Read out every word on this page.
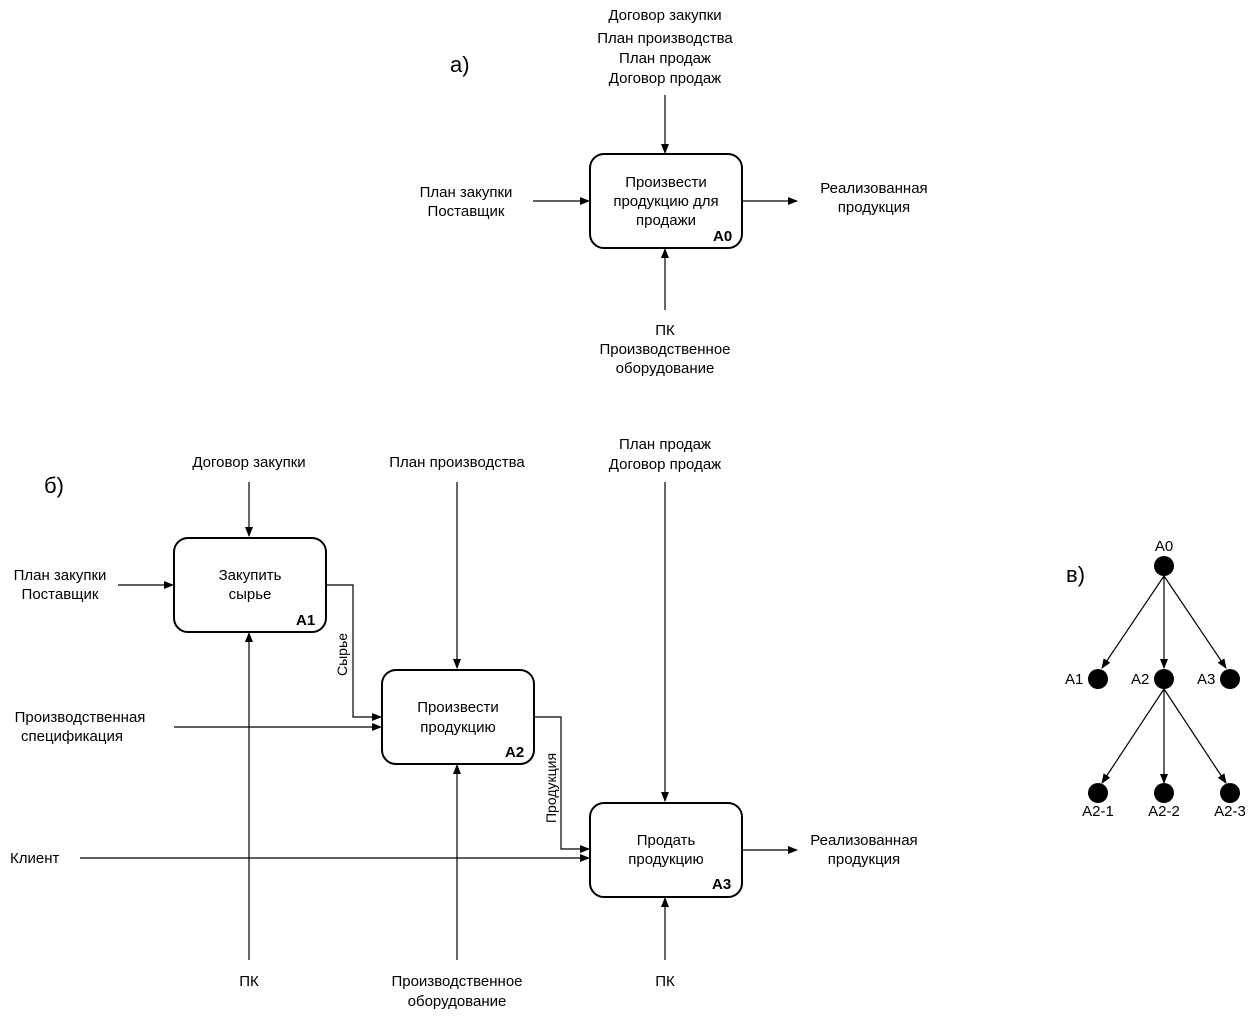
а)
Договор закупки
План производства
План продаж
Договор продаж
Произвести
продукцию для
продажи
А0
План закупки
Поставщик
Реализованная
продукция
ПК
Производственное
оборудование
б)
Договор закупки	План производства
План продаж
Договор продаж
Закупить
сырье
А1
Произвести
продукцию
А2
Продать
продукцию
А3
План закупки
Поставщик
Производственная
спецификация
Клиент
Сырье
Продукция
Реализованная
продукция
ПК	Производственное
оборудование
ПК
в)
А0
А1	А2	А3
А2-1 А2-2 А2-3
